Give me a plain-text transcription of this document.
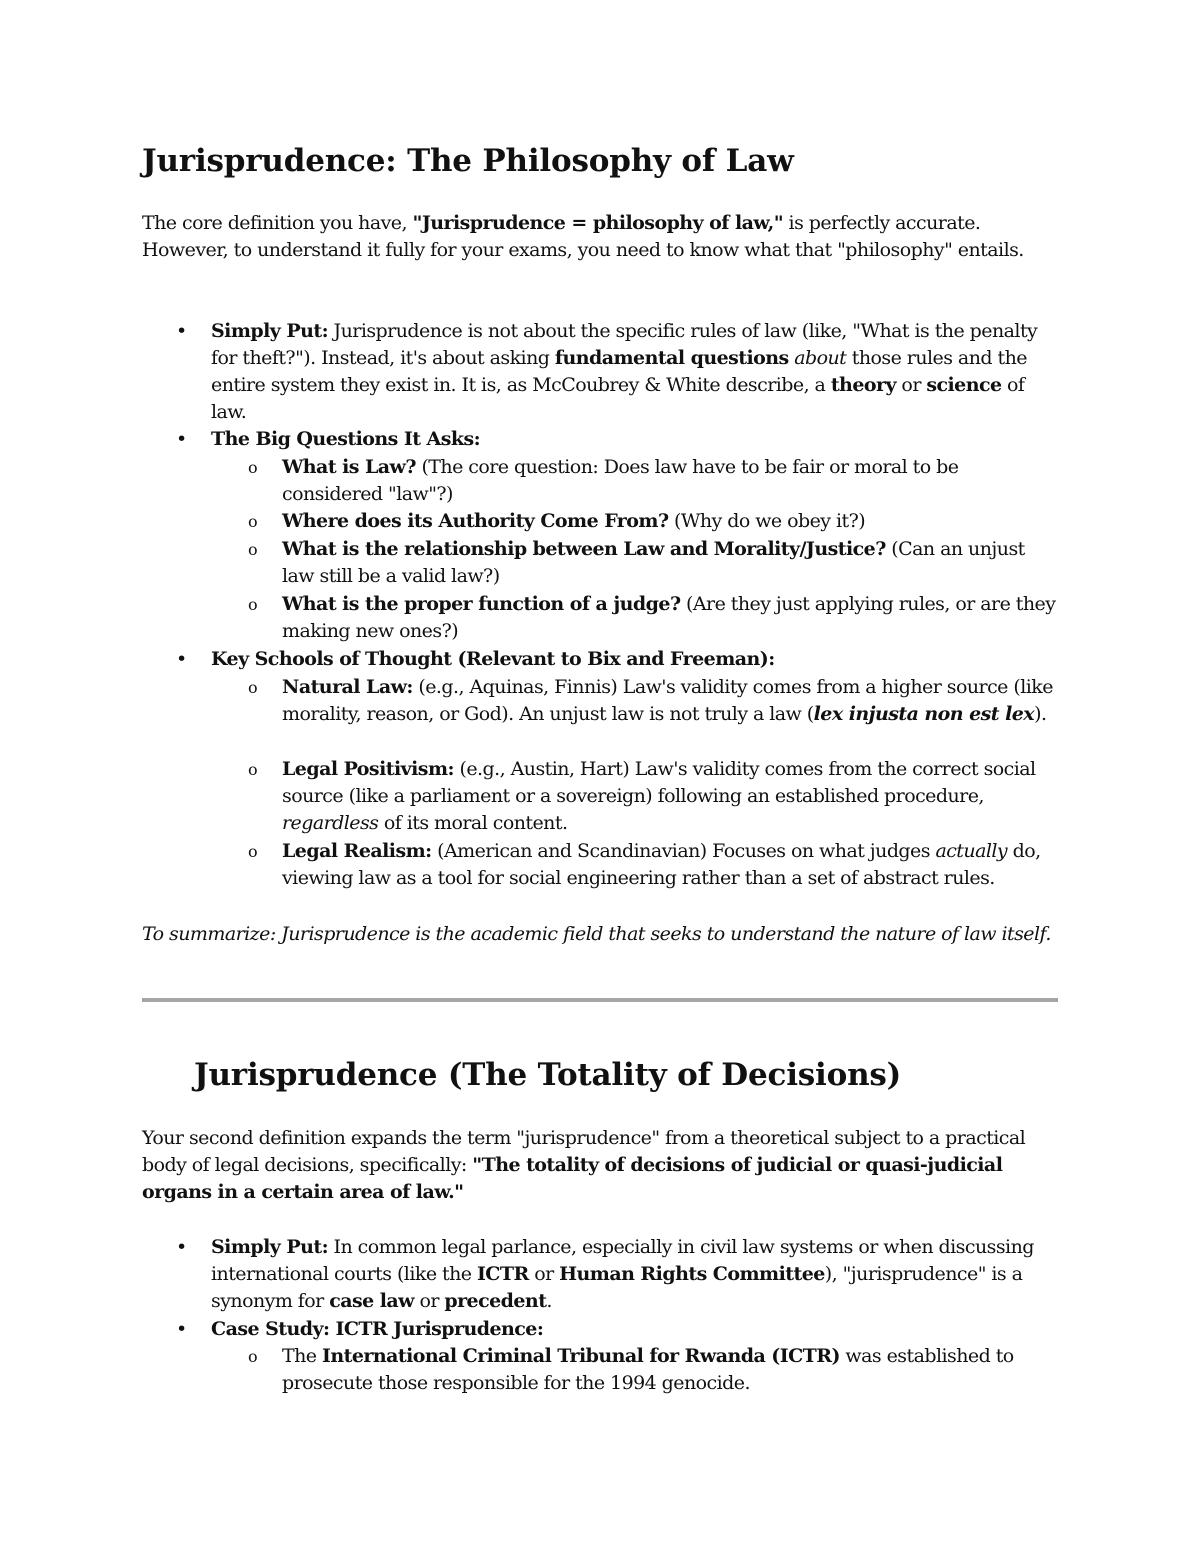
Jurisprudence: The Philosophy of Law

The core definition you have, "Jurisprudence = philosophy of law," is perfectly accurate. However, to understand it fully for your exams, you need to know what that "philosophy" entails.

• Simply Put: Jurisprudence is not about the specific rules of law (like, "What is the penalty for theft?"). Instead, it's about asking fundamental questions about those rules and the entire system they exist in. It is, as McCoubrey & White describe, a theory or science of law.

• The Big Questions It Asks:

o What is Law? (The core question: Does law have to be fair or moral to be considered "law"?)

o Where does its Authority Come From? (Why do we obey it?)

o What is the relationship between Law and Morality/Justice? (Can an unjust law still be a valid law?)

o What is the proper function of a judge? (Are they just applying rules, or are they making new ones?)

• Key Schools of Thought (Relevant to Bix and Freeman):

o Natural Law: (e.g., Aquinas, Finnis) Law's validity comes from a higher source (like morality, reason, or God). An unjust law is not truly a law (lex injusta non est lex).

o Legal Positivism: (e.g., Austin, Hart) Law's validity comes from the correct social source (like a parliament or a sovereign) following an established procedure, regardless of its moral content.

o Legal Realism: (American and Scandinavian) Focuses on what judges actually do, viewing law as a tool for social engineering rather than a set of abstract rules.

To summarize: Jurisprudence is the academic field that seeks to understand the nature of law itself.

Jurisprudence (The Totality of Decisions)

Your second definition expands the term "jurisprudence" from a theoretical subject to a practical body of legal decisions, specifically: "The totality of decisions of judicial or quasi-judicial organs in a certain area of law."

• Simply Put: In common legal parlance, especially in civil law systems or when discussing international courts (like the ICTR or Human Rights Committee), "jurisprudence" is a synonym for case law or precedent.

• Case Study: ICTR Jurisprudence:

o The International Criminal Tribunal for Rwanda (ICTR) was established to prosecute those responsible for the 1994 genocide.
